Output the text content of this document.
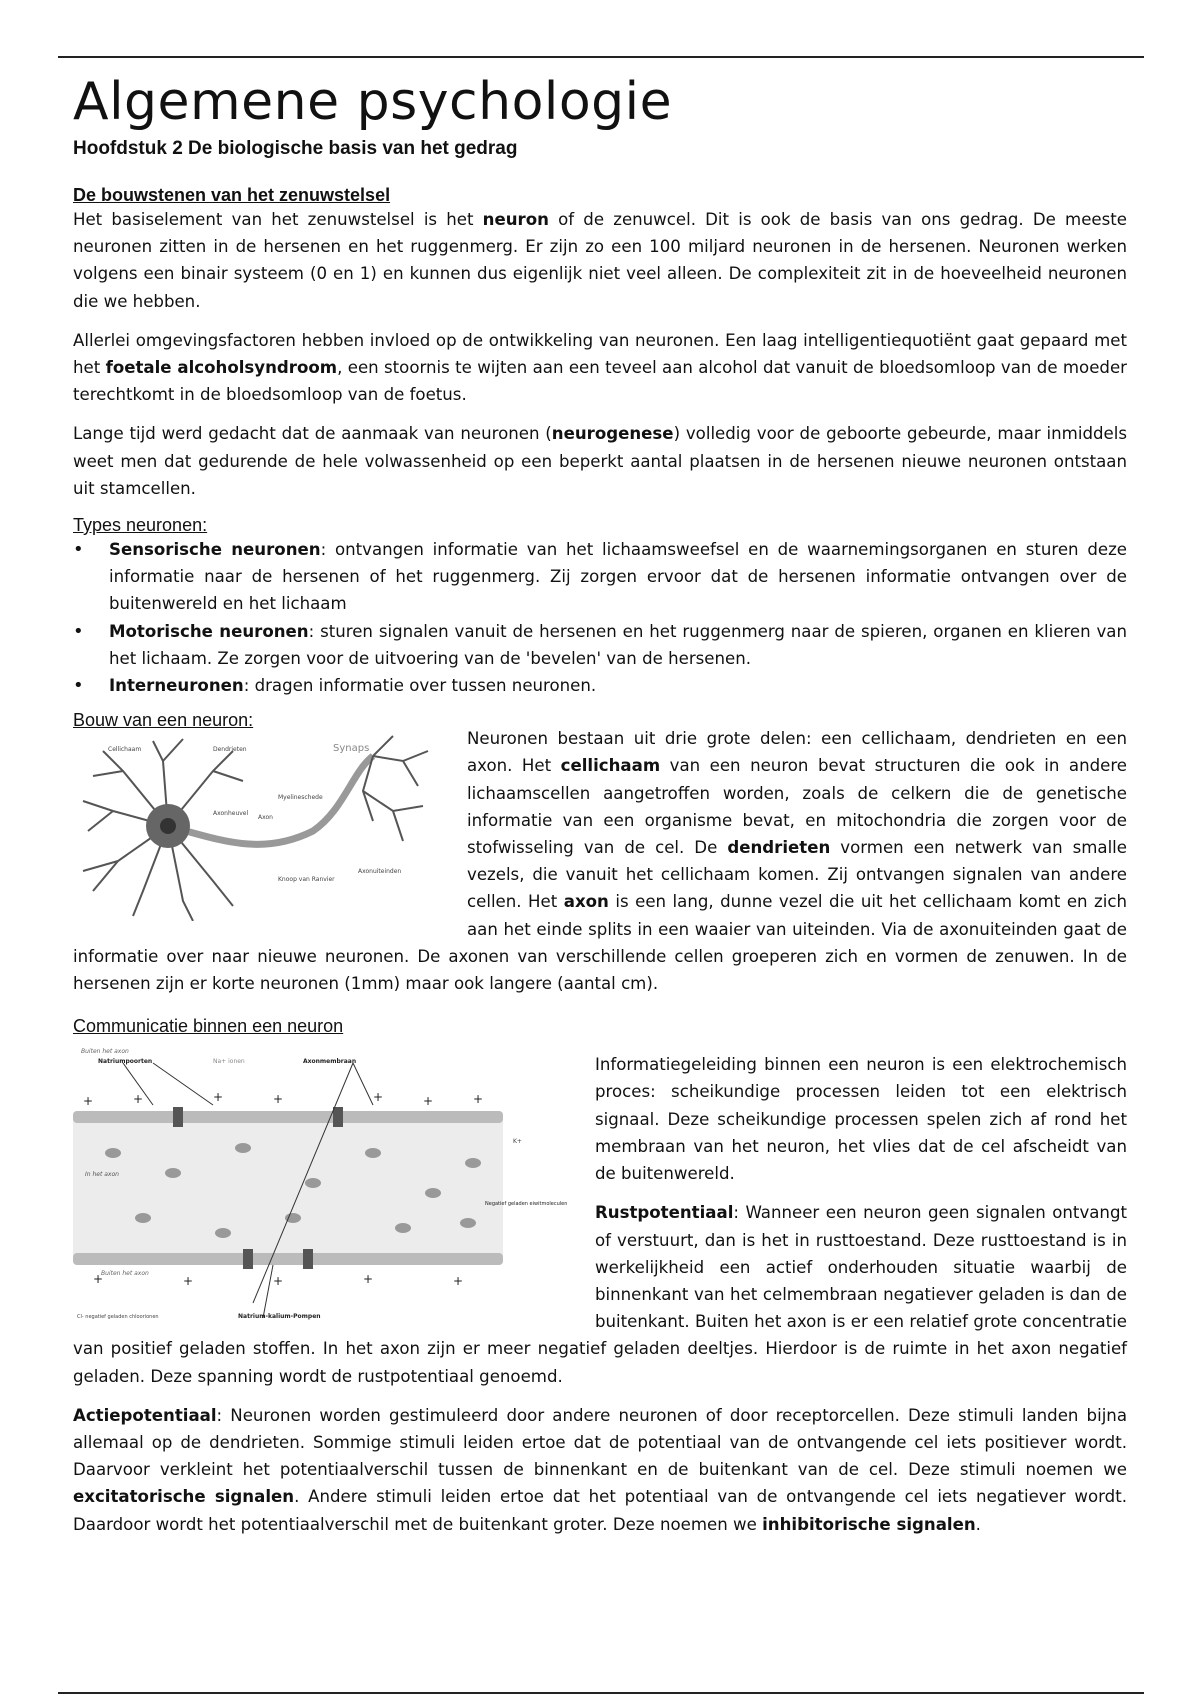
Algemene psychologie
Hoofdstuk 2 De biologische basis van het gedrag
De bouwstenen van het zenuwstelsel

Het basiselement van het zenuwstelsel is het neuron of de zenuwcel. Dit is ook de basis van ons gedrag. De meeste neuronen zitten in de hersenen en het ruggenmerg. Er zijn zo een 100 miljard neuronen in de hersenen. Neuronen werken volgens een binair systeem (0 en 1) en kunnen dus eigenlijk niet veel alleen. De complexiteit zit in de hoeveelheid neuronen die we hebben.

Allerlei omgevingsfactoren hebben invloed op de ontwikkeling van neuronen. Een laag intelligentiequotiënt gaat gepaard met het foetale alcoholsyndroom, een stoornis te wijten aan een teveel aan alcohol dat vanuit de bloedsomloop van de moeder terechtkomt in de bloedsomloop van de foetus.

Lange tijd werd gedacht dat de aanmaak van neuronen (neurogenese) volledig voor de geboorte gebeurde, maar inmiddels weet men dat gedurende de hele volwassenheid op een beperkt aantal plaatsen in de hersenen nieuwe neuronen ontstaan uit stamcellen.

Types neuronen:
• Sensorische neuronen: ontvangen informatie van het lichaamsweefsel en de waarnemingsorganen en sturen deze informatie naar de hersenen of het ruggenmerg. Zij zorgen ervoor dat de hersenen informatie ontvangen over de buitenwereld en het lichaam
• Motorische neuronen: sturen signalen vanuit de hersenen en het ruggenmerg naar de spieren, organen en klieren van het lichaam. Ze zorgen voor de uitvoering van de 'bevelen' van de hersenen.
• Interneuronen: dragen informatie over tussen neuronen.
Bouw van een neuron:
Synaps
Cellichaam	Dendrieten
Myelineschede
Axonheuvel
Axon
Knoop van Ranvier
Axonuiteinden

Neuronen bestaan uit drie grote delen: een cellichaam, dendrieten en een axon. Het cellichaam van een neuron bevat structuren die ook in andere lichaamscellen aangetroffen worden, zoals de celkern die de genetische informatie van een organisme bevat, en mitochondria die zorgen voor de stofwisseling van de cel. De dendrieten vormen een netwerk van smalle vezels, die vanuit het cellichaam komen. Zij ontvangen signalen van andere cellen. Het axon is een lang, dunne vezel die uit het cellichaam komt en zich aan het einde splits in een waaier van uiteinden. Via de axonuiteinden gaat de informatie over naar nieuwe neuronen. De axonen van verschillende cellen groeperen zich en vormen de zenuwen. In de hersenen zijn er korte neuronen (1mm) maar ook langere (aantal cm).

Communicatie binnen een neuron
+	+	+	+	+	+	+
+	+	+	+	+
Buiten het axon
Natriumpoorten	Na+ ionen	Axonmembraan
K+
In het axon
Negatief geladen eiwitmoleculen
Buiten het axon
Cl- negatief geladen chloorionen	Natrium-kalium-Pompen

Informatiegeleiding binnen een neuron is een elektrochemisch proces: scheikundige processen leiden tot een elektrisch signaal. Deze scheikundige processen spelen zich af rond het membraan van het neuron, het vlies dat de cel afscheidt van de buitenwereld.

Rustpotentiaal: Wanneer een neuron geen signalen ontvangt of verstuurt, dan is het in rusttoestand. Deze rusttoestand is in werkelijkheid een actief onderhouden situatie waarbij de binnenkant van het celmembraan negatiever geladen is dan de buitenkant. Buiten het axon is er een relatief grote concentratie van positief geladen stoffen. In het axon zijn er meer negatief geladen deeltjes. Hierdoor is de ruimte in het axon negatief geladen. Deze spanning wordt de rustpotentiaal genoemd.

Actiepotentiaal: Neuronen worden gestimuleerd door andere neuronen of door receptorcellen. Deze stimuli landen bijna allemaal op de dendrieten. Sommige stimuli leiden ertoe dat de potentiaal van de ontvangende cel iets positiever wordt. Daarvoor verkleint het potentiaalverschil tussen de binnenkant en de buitenkant van de cel. Deze stimuli noemen we excitatorische signalen. Andere stimuli leiden ertoe dat het potentiaal van de ontvangende cel iets negatiever wordt. Daardoor wordt het potentiaalverschil met de buitenkant groter. Deze noemen we inhibitorische signalen.
